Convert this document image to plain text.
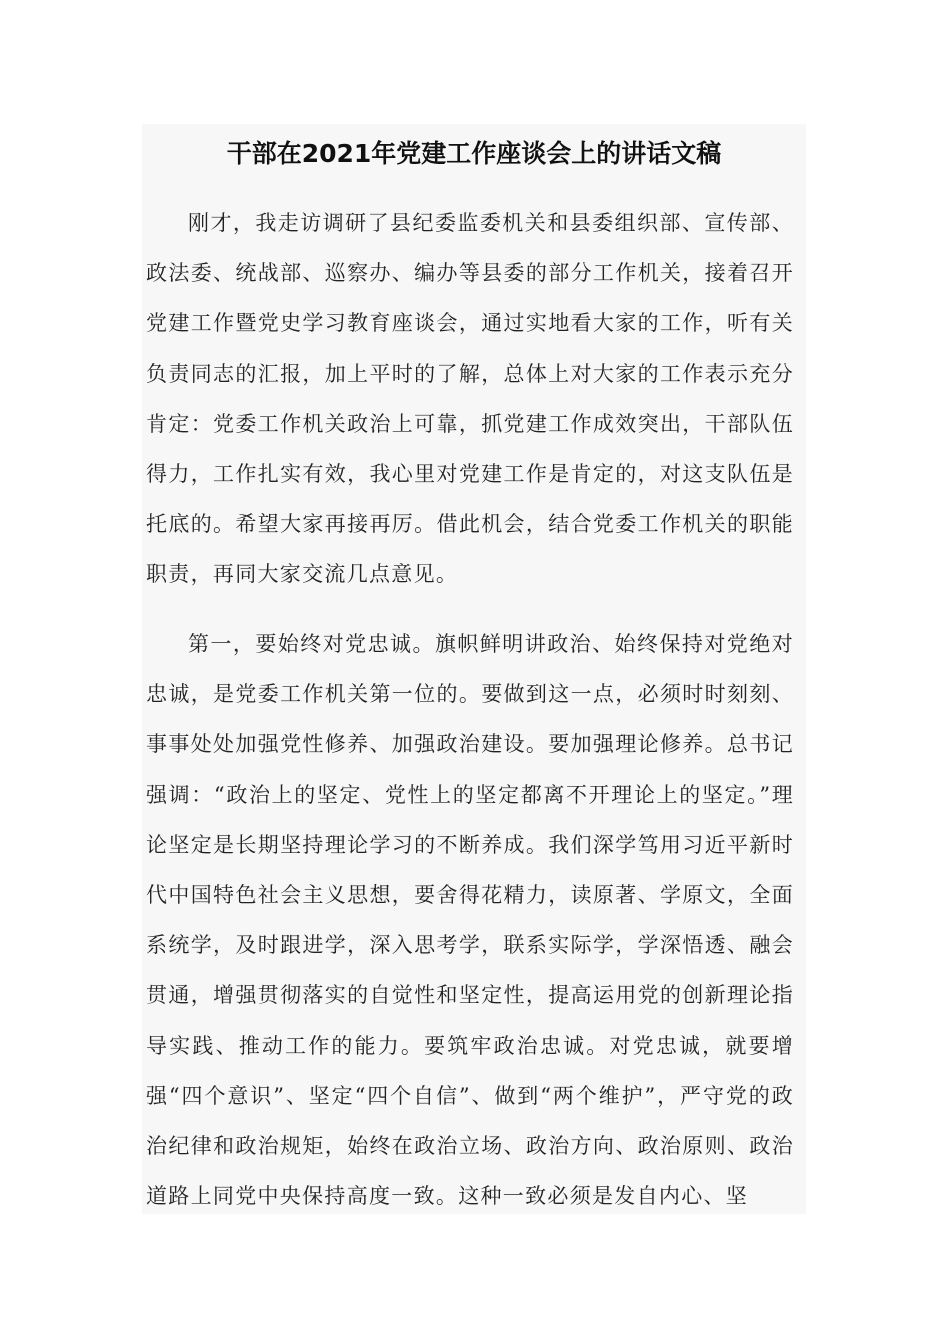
干部在2021年党建工作座谈会上的讲话文稿

刚才，我走访调研了县纪委监委机关和县委组织部、宣传部、政法委、统战部、巡察办、编办等县委的部分工作机关，接着召开党建工作暨党史学习教育座谈会，通过实地看大家的工作，听有关负责同志的汇报，加上平时的了解，总体上对大家的工作表示充分肯定：党委工作机关政治上可靠，抓党建工作成效突出，干部队伍得力，工作扎实有效，我心里对党建工作是肯定的，对这支队伍是托底的。希望大家再接再厉。借此机会，结合党委工作机关的职能职责，再同大家交流几点意见。

第一，要始终对党忠诚。旗帜鲜明讲政治、始终保持对党绝对忠诚，是党委工作机关第一位的。要做到这一点，必须时时刻刻、事事处处加强党性修养、加强政治建设。要加强理论修养。总书记强调：“政治上的坚定、党性上的坚定都离不开理论上的坚定。”理论坚定是长期坚持理论学习的不断养成。我们深学笃用习近平新时代中国特色社会主义思想，要舍得花精力，读原著、学原文，全面系统学，及时跟进学，深入思考学，联系实际学，学深悟透、融会贯通，增强贯彻落实的自觉性和坚定性，提高运用党的创新理论指导实践、推动工作的能力。要筑牢政治忠诚。对党忠诚，就要增强“四个意识”、坚定“四个自信”、做到“两个维护”，严守党的政治纪律和政治规矩，始终在政治立场、政治方向、政治原则、政治道路上同党中央保持高度一致。这种一致必须是发自内心、坚
